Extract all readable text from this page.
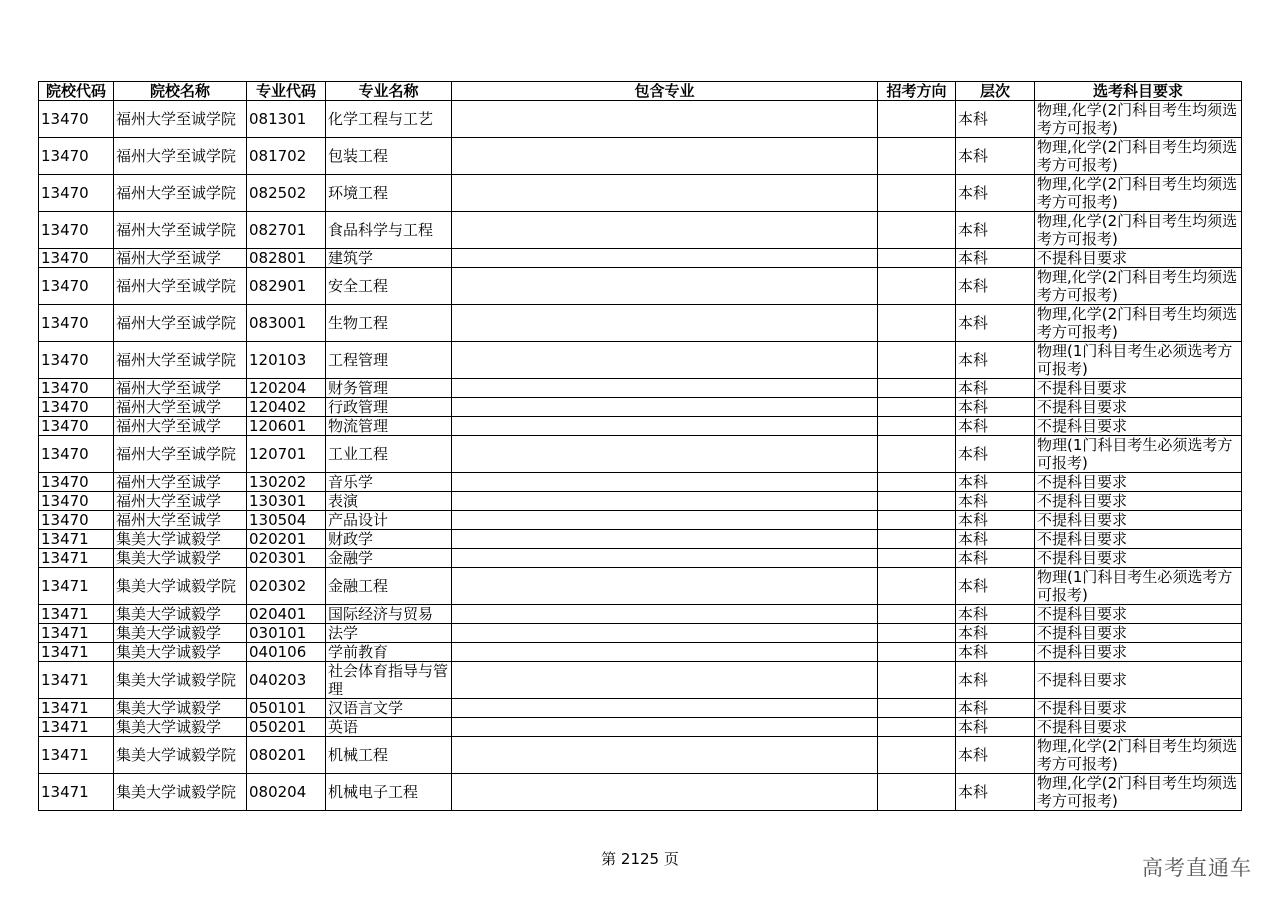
院校代码	院校名称	专业代码	专业名称	包含专业	招考方向	层次	选考科目要求
13470	福州大学至诚学院	081301	化学工程与工艺			本科	物理,化学(2门科目考生均须选考方可报考)
13470	福州大学至诚学院	081702	包装工程			本科	物理,化学(2门科目考生均须选考方可报考)
13470	福州大学至诚学院	082502	环境工程			本科	物理,化学(2门科目考生均须选考方可报考)
13470	福州大学至诚学院	082701	食品科学与工程			本科	物理,化学(2门科目考生均须选考方可报考)
13470	福州大学至诚学	082801	建筑学			本科	不提科目要求
13470	福州大学至诚学院	082901	安全工程			本科	物理,化学(2门科目考生均须选考方可报考)
13470	福州大学至诚学院	083001	生物工程			本科	物理,化学(2门科目考生均须选考方可报考)
13470	福州大学至诚学院	120103	工程管理			本科	物理(1门科目考生必须选考方可报考)
13470	福州大学至诚学	120204	财务管理			本科	不提科目要求
13470	福州大学至诚学	120402	行政管理			本科	不提科目要求
13470	福州大学至诚学	120601	物流管理			本科	不提科目要求
13470	福州大学至诚学院	120701	工业工程			本科	物理(1门科目考生必须选考方可报考)
13470	福州大学至诚学	130202	音乐学			本科	不提科目要求
13470	福州大学至诚学	130301	表演			本科	不提科目要求
13470	福州大学至诚学	130504	产品设计			本科	不提科目要求
13471	集美大学诚毅学	020201	财政学			本科	不提科目要求
13471	集美大学诚毅学	020301	金融学			本科	不提科目要求
13471	集美大学诚毅学院	020302	金融工程			本科	物理(1门科目考生必须选考方可报考)
13471	集美大学诚毅学	020401	国际经济与贸易			本科	不提科目要求
13471	集美大学诚毅学	030101	法学			本科	不提科目要求
13471	集美大学诚毅学	040106	学前教育			本科	不提科目要求
13471	集美大学诚毅学院	040203	社会体育指导与管理			本科	不提科目要求
13471	集美大学诚毅学	050101	汉语言文学			本科	不提科目要求
13471	集美大学诚毅学	050201	英语			本科	不提科目要求
13471	集美大学诚毅学院	080201	机械工程			本科	物理,化学(2门科目考生均须选考方可报考)
13471	集美大学诚毅学院	080204	机械电子工程			本科	物理,化学(2门科目考生均须选考方可报考)
第 2125 页	高考直通车
